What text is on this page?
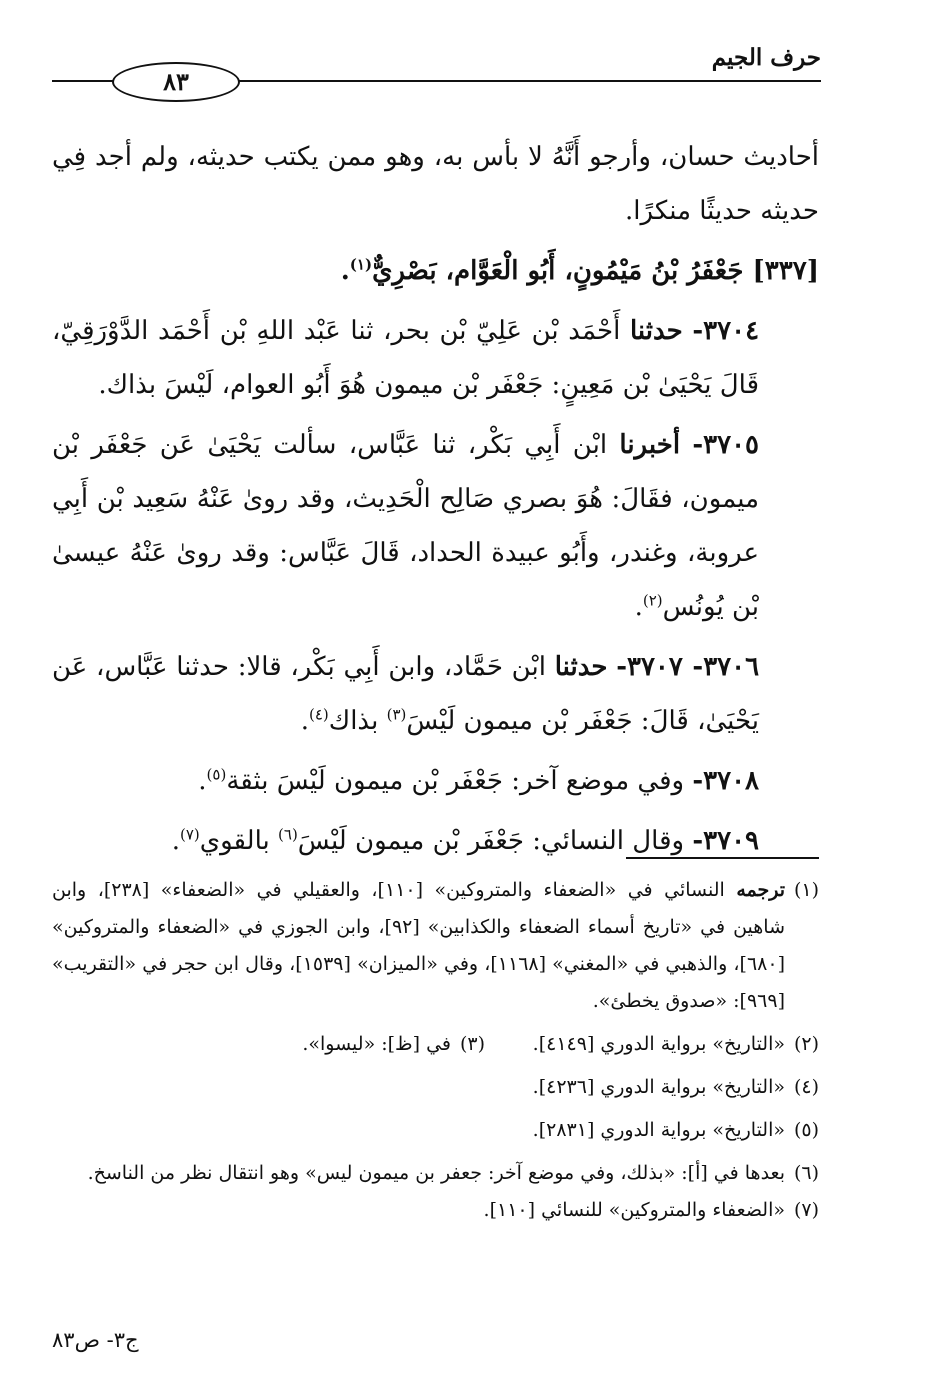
حرف الجيم
٨٣

أحاديث حسان، وأرجو أَنَّهُ لا بأس به، وهو ممن يكتب حديثه، ولم أجد فِي حديثه حديثًا منكرًا.

[٣٣٧] جَعْفَرُ بْنُ مَيْمُونٍ، أَبُو الْعَوَّام، بَصْرِيٌّ$^{(١)}$.

٣٧٠٤- حدثنا أَحْمَد بْن عَلِيّ بْن بحر، ثنا عَبْد اللهِ بْن أَحْمَد الدَّوْرَقِيّ، قَالَ يَحْيَىٰ بْن مَعِينٍ: جَعْفَر بْن ميمون هُوَ أَبُو العوام، لَيْسَ بذاك.

٣٧٠٥- أخبرنا ابْن أَبِي بَكْر، ثنا عَبَّاس، سألت يَحْيَىٰ عَن جَعْفَر بْن ميمون، فقَالَ: هُوَ بصري صَالِح الْحَدِيث، وقد روىٰ عَنْهُ سَعِيد بْن أَبِي عروبة، وغندر، وأَبُو عبيدة الحداد، قَالَ عَبَّاس: وقد روىٰ عَنْهُ عيسىٰ بْن يُونُس$^{(٢)}$.

٣٧٠٦- ٣٧٠٧- حدثنا ابْن حَمَّاد، وابن أَبِي بَكْر، قالا: حدثنا عَبَّاس، عَن يَحْيَىٰ، قَالَ: جَعْفَر بْن ميمون لَيْسَ$^{(٣)}$ بذاك$^{(٤)}$.

٣٧٠٨- وفي موضع آخر: جَعْفَر بْن ميمون لَيْسَ بثقة$^{(٥)}$.

٣٧٠٩- وقال النسائي: جَعْفَر بْن ميمون لَيْسَ$^{(٦)}$ بالقوي$^{(٧)}$.

(١)
ترجمه النسائي في «الضعفاء والمتروكين» [١١٠]، والعقيلي في «الضعفاء» [٢٣٨]، وابن شاهين في «تاريخ أسماء الضعفاء والكذابين» [٩٢]، وابن الجوزي في «الضعفاء والمتروكين» [٦٨٠]، والذهبي في «المغني» [١١٦٨]، وفي «الميزان» [١٥٣٩]، وقال ابن حجر في «التقريب» [٩٦٩]: «صدوق يخطئ».

(٢)
«التاريخ» برواية الدوري [٤١٤٩].
(٣)
في [ظ]: «ليسوا».

(٤)
«التاريخ» برواية الدوري [٤٢٣٦].

(٥)
«التاريخ» برواية الدوري [٢٨٣١].

(٦)
بعدها في [أ]: «بذلك، وفي موضع آخر: جعفر بن ميمون ليس» وهو انتقال نظر من الناسخ.

(٧)
«الضعفاء والمتروكين» للنسائي [١١٠].

ج٣- ص٨٣
